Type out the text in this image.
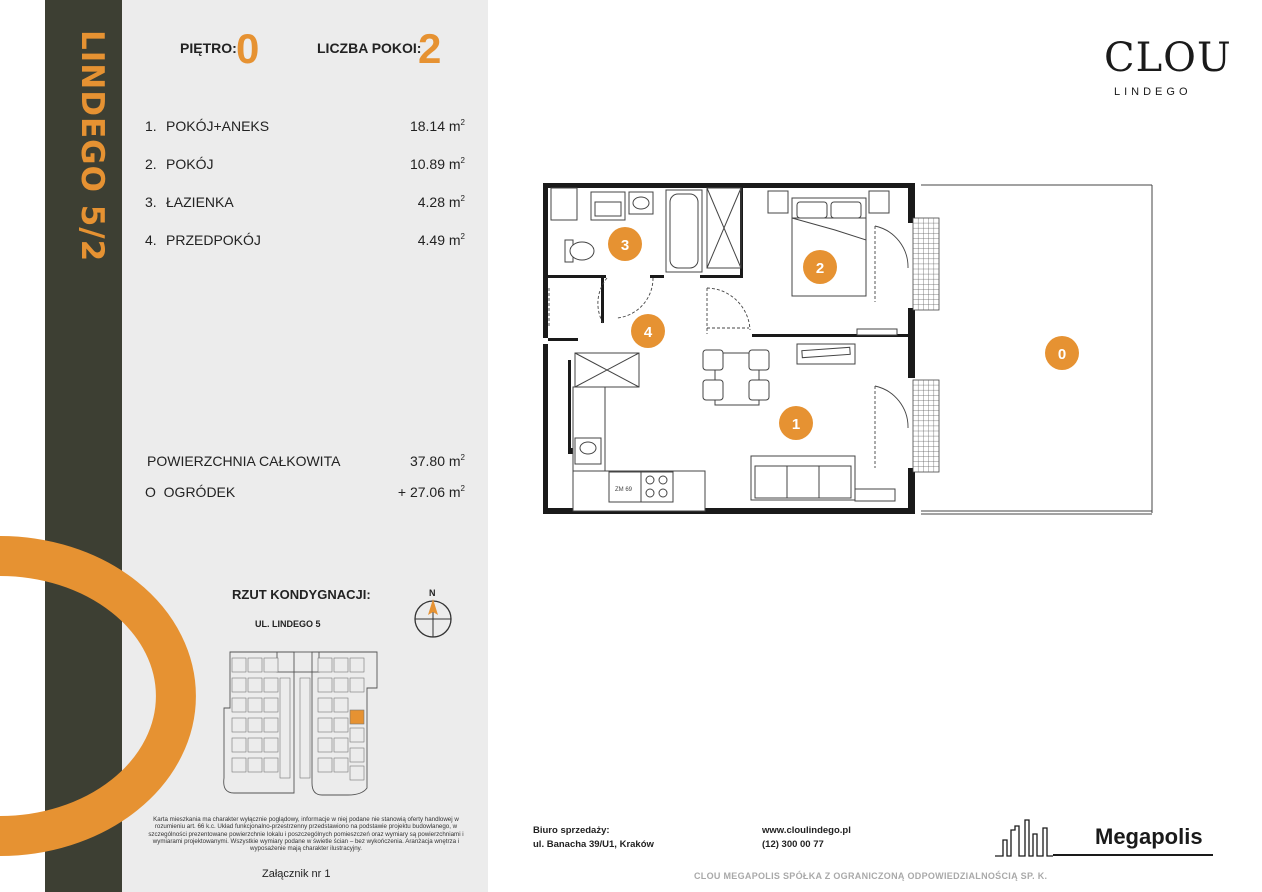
LINDEGO 5/2	PIĘTRO: 0	LICZBA POKOI:
2
1. POKÓJ+ANEKS	18.14 $m^2$
2. POKÓJ	10.89 $m^2$
3. ŁAZIENKA	4.28 $m^2$
4. PRZEDPOKÓJ	4.49 $m^2$
POWIERZCHNIA CAŁKOWITA	37.80 $m^2$
O  OGRÓDEK	+ 27.06 $m^2$
RZUT KONDYGNACJI:
UL. LINDEGO 5
N
Karta mieszkania ma charakter wyłącznie poglądowy, informacje w niej podane nie stanowią oferty handlowej w rozumieniu art. 66 k.c. Układ funkcjonalno-przestrzenny przedstawiono na podstawie projektu budowlanego, w szczególności prezentowane powierzchnie lokalu i poszczególnych pomieszczeń oraz wymiary są powierzchniami i wymiarami projektowanymi. Wszystkie wymiary podane w świetle ścian – bez wykończenia. Aranżacja wnętrza i wyposażenie mają charakter ilustracyjny.
Załącznik nr 1
CLOU
LINDEGO
ZM 69
1
2
3
4
0
Biuro sprzedaży:
ul. Banacha 39/U1, Kraków
www.cloulindego.pl
(12) 300 00 77
CLOU MEGAPOLIS SPÓŁKA Z OGRANICZONĄ ODPOWIEDZIALNOŚCIĄ SP. K.
Megapolis
